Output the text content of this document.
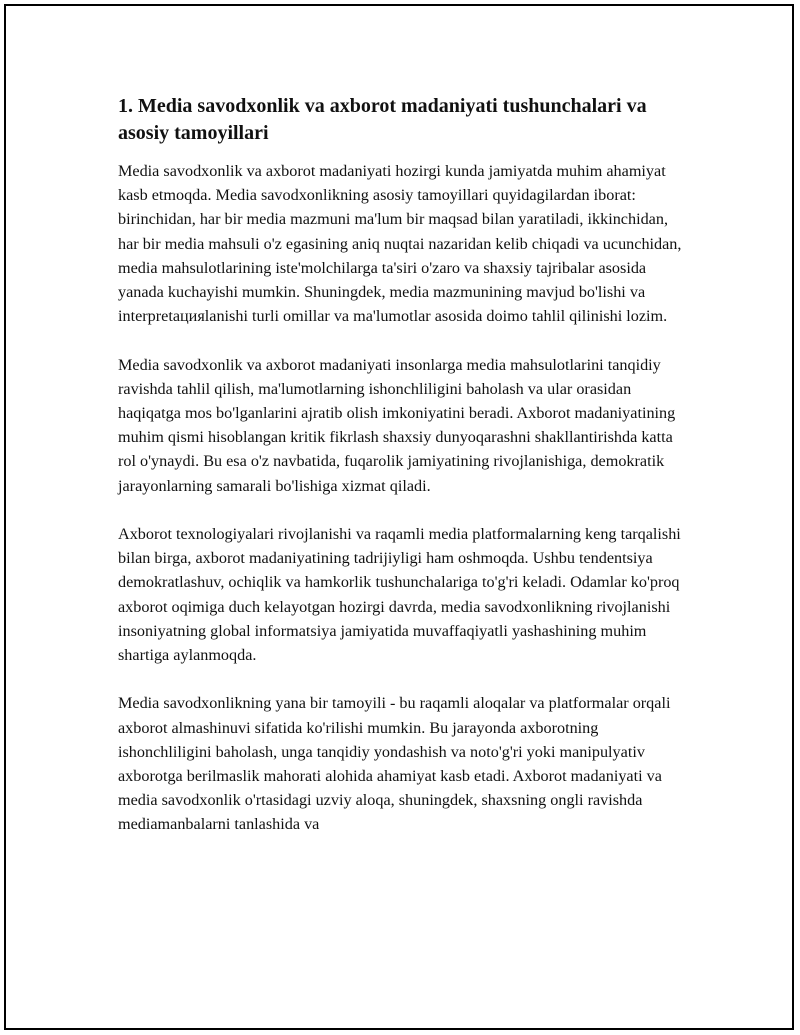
1. Media savodxonlik va axborot madaniyati tushunchalari va asosiy tamoyillari

Media savodxonlik va axborot madaniyati hozirgi kunda jamiyatda muhim ahamiyat kasb etmoqda. Media savodxonlikning asosiy tamoyillari quyidagilardan iborat: birinchidan, har bir media mazmuni ma'lum bir maqsad bilan yaratiladi, ikkinchidan, har bir media mahsuli o'z egasining aniq nuqtai nazaridan kelib chiqadi va ucunchidan, media mahsulotlarining iste'molchilarga ta'siri o'zaro va shaxsiy tajribalar asosida yanada kuchayishi mumkin. Shuningdek, media mazmunining mavjud bo'lishi va interpretaцияlanishi turli omillar va ma'lumotlar asosida doimo tahlil qilinishi lozim.

Media savodxonlik va axborot madaniyati insonlarga media mahsulotlarini tanqidiy ravishda tahlil qilish, ma'lumotlarning ishonchliligini baholash va ular orasidan haqiqatga mos bo'lganlarini ajratib olish imkoniyatini beradi. Axborot madaniyatining muhim qismi hisoblangan kritik fikrlash shaxsiy dunyoqarashni shakllantirishda katta rol o'ynaydi. Bu esa o'z navbatida, fuqarolik jamiyatining rivojlanishiga, demokratik jarayonlarning samarali bo'lishiga xizmat qiladi.

Axborot texnologiyalari rivojlanishi va raqamli media platformalarning keng tarqalishi bilan birga, axborot madaniyatining tadrijiyligi ham oshmoqda. Ushbu tendentsiya demokratlashuv, ochiqlik va hamkorlik tushunchalariga to'g'ri keladi. Odamlar ko'proq axborot oqimiga duch kelayotgan hozirgi davrda, media savodxonlikning rivojlanishi insoniyatning global informatsiya jamiyatida muvaffaqiyatli yashashining muhim shartiga aylanmoqda.

Media savodxonlikning yana bir tamoyili - bu raqamli aloqalar va platformalar orqali axborot almashinuvi sifatida ko'rilishi mumkin. Bu jarayonda axborotning ishonchliligini baholash, unga tanqidiy yondashish va noto'g'ri yoki manipulyativ axborotga berilmaslik mahorati alohida ahamiyat kasb etadi. Axborot madaniyati va media savodxonlik o'rtasidagi uzviy aloqa, shuningdek, shaxsning ongli ravishda mediamanbalarni tanlashida va
